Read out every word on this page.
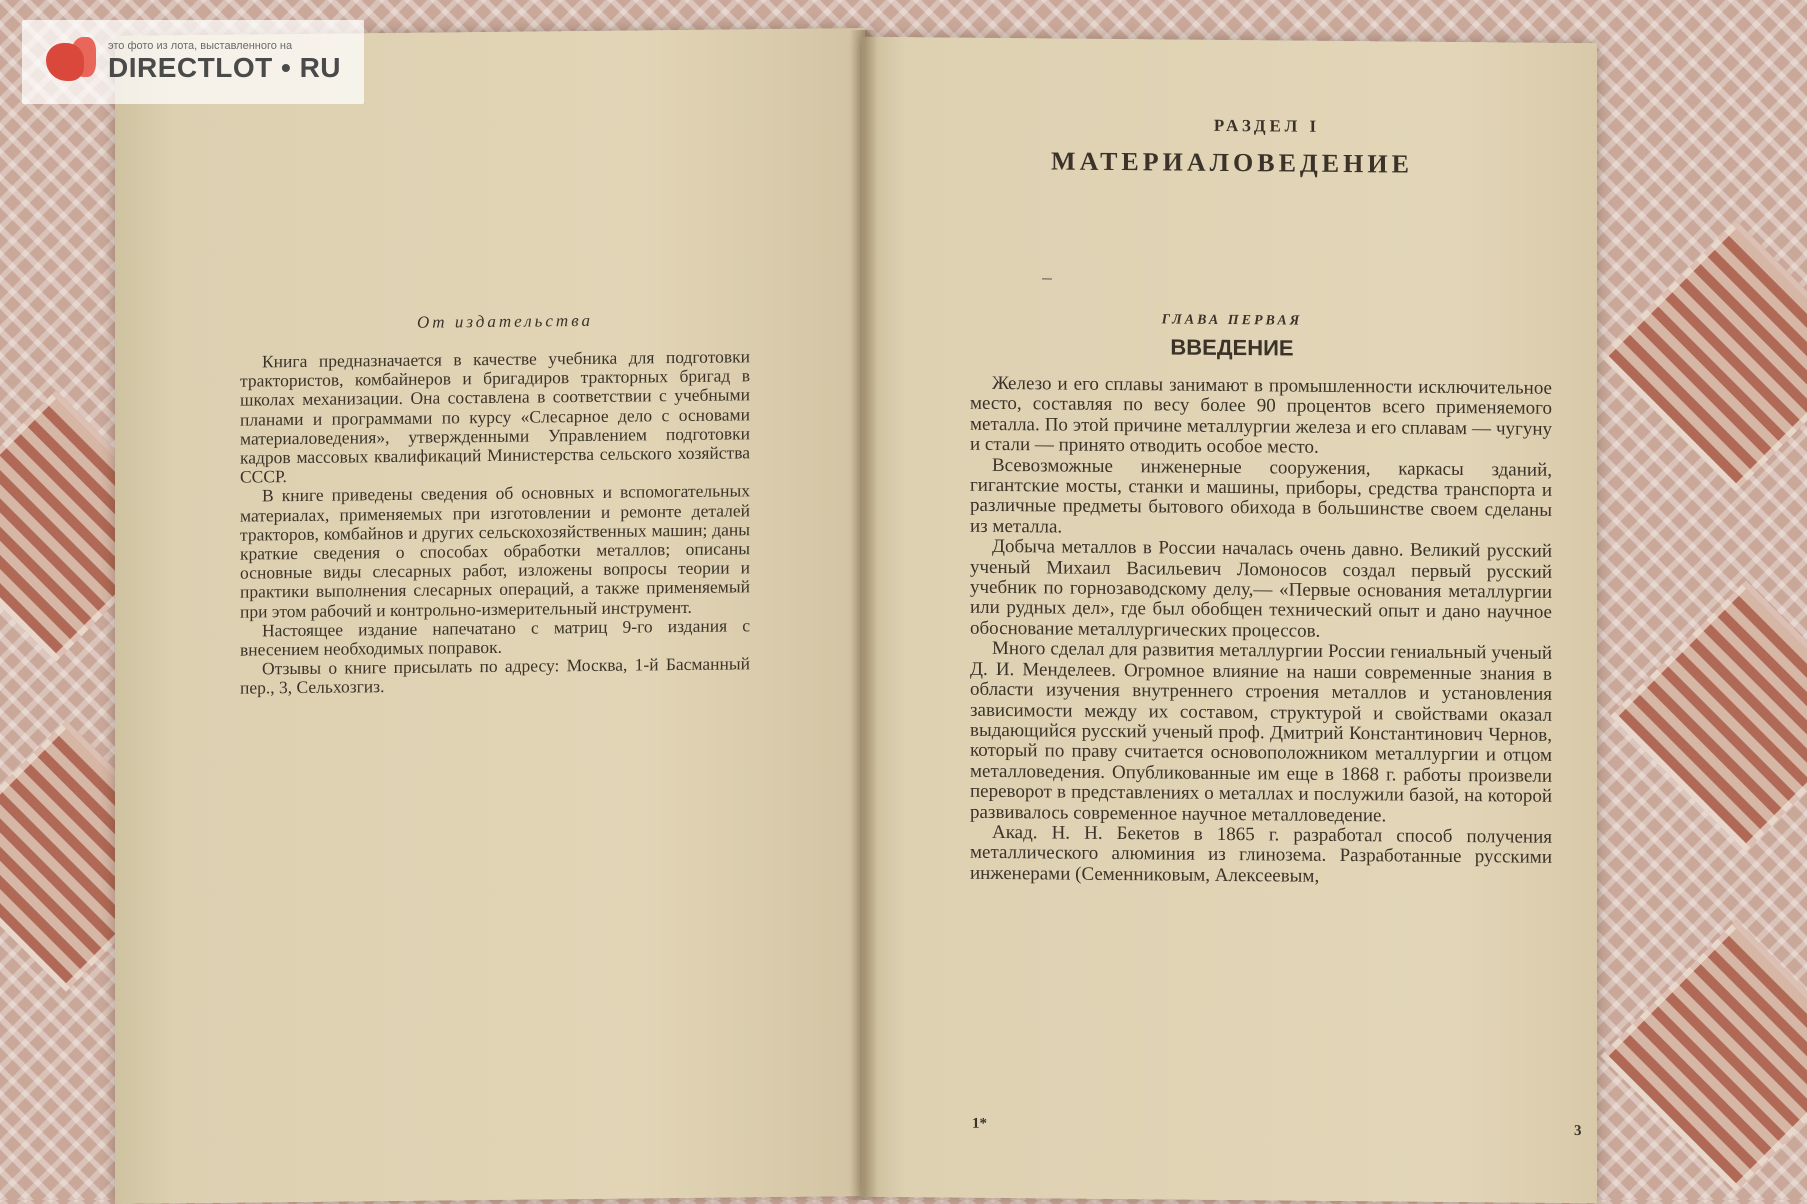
это фото из лота, выставленного на
DIRECTLOT • RU
От издательства

Книга предназначается в качестве учебника для подготовки трактористов, комбайнеров и бригадиров тракторных бригад в школах механизации. Она составлена в соответствии с учебными планами и программами по курсу «Слесарное дело с основами материаловедения», утвержденными Управлением подготовки кадров массовых квалификаций Министерства сельского хозяйства СССР.

В книге приведены сведения об основных и вспомогательных материалах, применяемых при изготовлении и ремонте деталей тракторов, комбайнов и других сельскохозяйственных машин; даны краткие сведения о способах обработки металлов; описаны основные виды слесарных работ, изложены вопросы теории и практики выполнения слесарных операций, а также применяемый при этом рабочий и контрольно-измерительный инструмент.

Настоящее издание напечатано с матриц 9-го издания с внесением необходимых поправок.

Отзывы о книге присылать по адресу: Москва, 1-й Басманный пер., 3, Сельхозгиз.

РАЗДЕЛ I
МАТЕРИАЛОВЕДЕНИЕ
ГЛАВА ПЕРВАЯ
ВВЕДЕНИЕ

Железо и его сплавы занимают в промышленности исключительное место, составляя по весу более 90 процентов всего применяемого металла. По этой причине металлургии железа и его сплавам — чугуну и стали — принято отводить особое место.

Всевозможные инженерные сооружения, каркасы зданий, гигантские мосты, станки и машины, приборы, средства транспорта и различные предметы бытового обихода в большинстве своем сделаны из металла.

Добыча металлов в России началась очень давно. Великий русский ученый Михаил Васильевич Ломоносов создал первый русский учебник по горнозаводскому делу,— «Первые основания металлургии или рудных дел», где был обобщен технический опыт и дано научное обоснование металлургических процессов.

Много сделал для развития металлургии России гениальный ученый Д. И. Менделеев. Огромное влияние на наши современные знания в области изучения внутреннего строения металлов и установления зависимости между их составом, структурой и свойствами оказал выдающийся русский ученый проф. Дмитрий Константинович Чернов, который по праву считается основоположником металлургии и отцом металловедения. Опубликованные им еще в 1868 г. работы произвели переворот в представлениях о металлах и послужили базой, на которой развивалось современное научное металловедение.

Акад. Н. Н. Бекетов в 1865 г. разработал способ получения металлического алюминия из глинозема. Разработанные русскими инженерами (Семенниковым, Алексеевым,

1*	3
